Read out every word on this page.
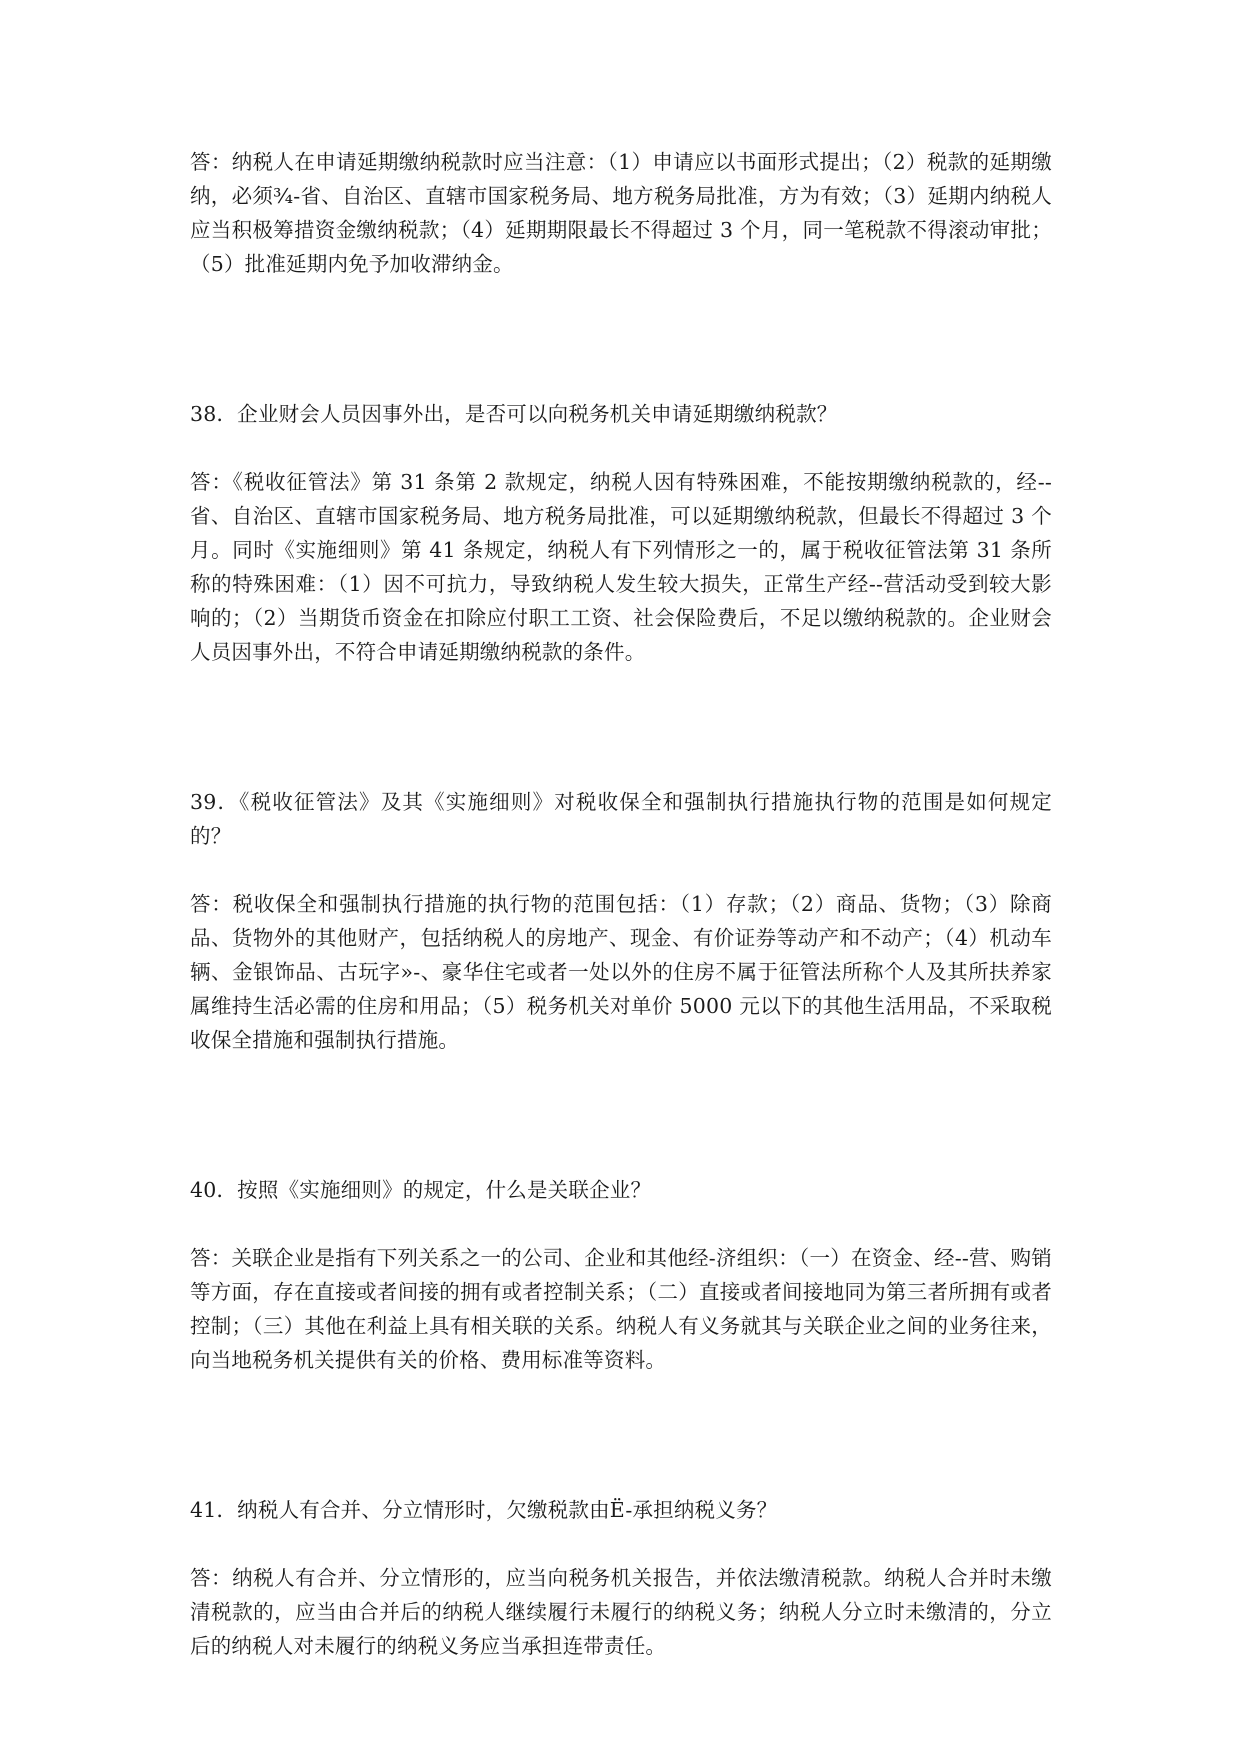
答：纳税人在申请延期缴纳税款时应当注意：（1）申请应以书面形式提出；（2）税款的延期缴纳，必须¾-省、自治区、直辖市国家税务局、地方税务局批准，方为有效；（3）延期内纳税人应当积极筹措资金缴纳税款；（4）延期期限最长不得超过 3 个月，同一笔税款不得滚动审批；（5）批准延期内免予加收滞纳金。

38．企业财会人员因事外出，是否可以向税务机关申请延期缴纳税款？

答：《税收征管法》第 31 条第 2 款规定，纳税人因有特殊困难，不能按期缴纳税款的，经--省、自治区、直辖市国家税务局、地方税务局批准，可以延期缴纳税款，但最长不得超过 3 个月。同时《实施细则》第 41 条规定，纳税人有下列情形之一的，属于税收征管法第 31 条所称的特殊困难：（1）因不可抗力，导致纳税人发生较大损失，正常生产经--营活动受到较大影响的；（2）当期货币资金在扣除应付职工工资、社会保险费后，不足以缴纳税款的。企业财会人员因事外出，不符合申请延期缴纳税款的条件。

39．《税收征管法》及其《实施细则》对税收保全和强制执行措施执行物的范围是如何规定的？

答：税收保全和强制执行措施的执行物的范围包括：（1）存款；（2）商品、货物；（3）除商品、货物外的其他财产，包括纳税人的房地产、现金、有价证券等动产和不动产；（4）机动车辆、金银饰品、古玩字»-、豪华住宅或者一处以外的住房不属于征管法所称个人及其所扶养家属维持生活必需的住房和用品；（5）税务机关对单价 5000 元以下的其他生活用品，不采取税收保全措施和强制执行措施。

40．按照《实施细则》的规定，什么是关联企业？

答：关联企业是指有下列关系之一的公司、企业和其他经-济组织：（一）在资金、经--营、购销等方面，存在直接或者间接的拥有或者控制关系；（二）直接或者间接地同为第三者所拥有或者控制；（三）其他在利益上具有相关联的关系。纳税人有义务就其与关联企业之间的业务往来，向当地税务机关提供有关的价格、费用标准等资料。

41．纳税人有合并、分立情形时，欠缴税款由Ë-承担纳税义务？

答：纳税人有合并、分立情形的，应当向税务机关报告，并依法缴清税款。纳税人合并时未缴清税款的，应当由合并后的纳税人继续履行未履行的纳税义务；纳税人分立时未缴清的，分立后的纳税人对未履行的纳税义务应当承担连带责任。
